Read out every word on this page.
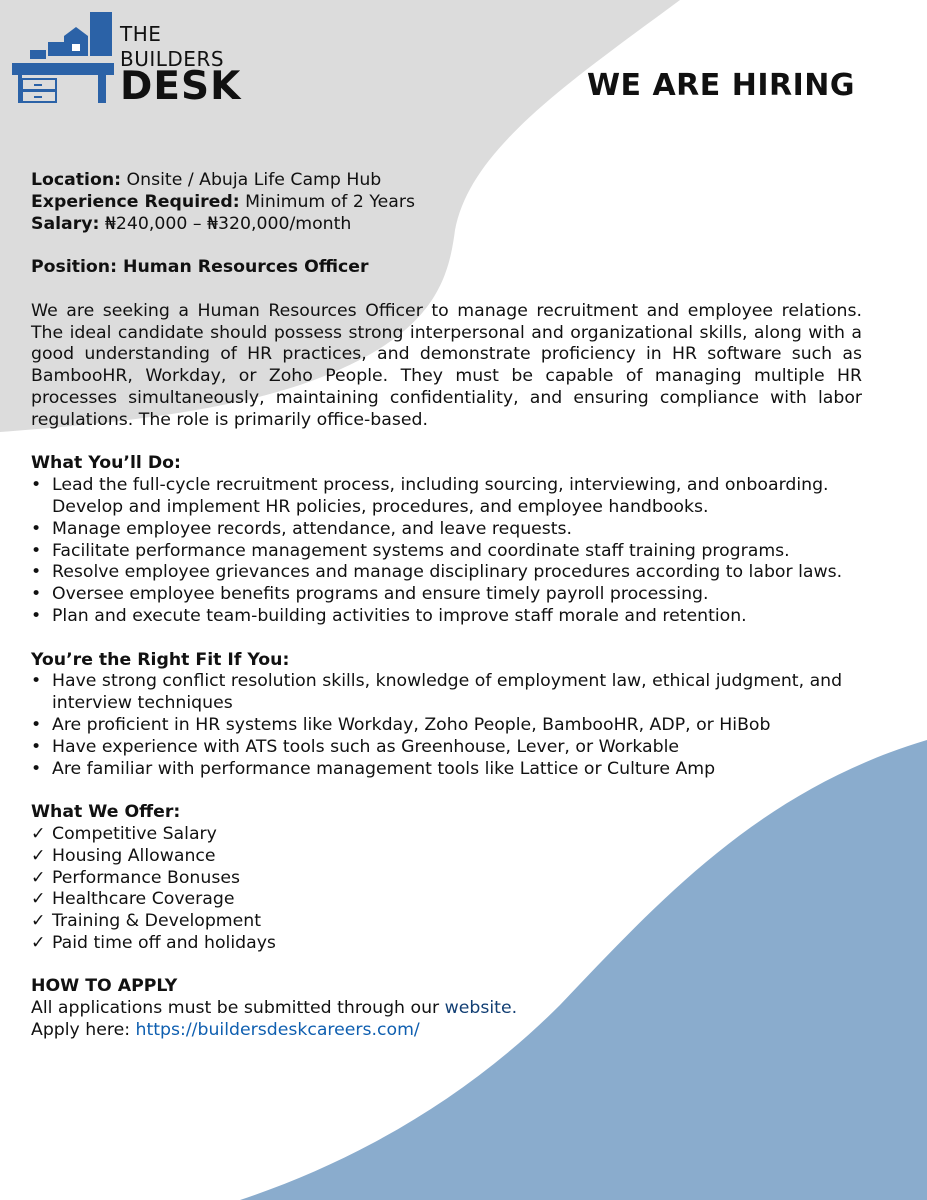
THE
BUILDERS
DESK	WE ARE HIRING

Location: Onsite / Abuja Life Camp Hub

Experience Required: Minimum of 2 Years

Salary: ₦240,000 – ₦320,000/month

Position: Human Resources Officer

We are seeking a Human Resources Officer to manage recruitment and employee relations. The ideal candidate should possess strong interpersonal and organizational skills, along with a good understanding of HR practices, and demonstrate proficiency in HR software such as BambooHR, Workday, or Zoho People. They must be capable of managing multiple HR processes simultaneously, maintaining confidentiality, and ensuring compliance with labor regulations. The role is primarily office-based.

What You’ll Do:

• Lead the full-cycle recruitment process, including sourcing, interviewing, and onboarding. Develop and implement HR policies, procedures, and employee handbooks.
• Manage employee records, attendance, and leave requests.
• Facilitate performance management systems and coordinate staff training programs.
• Resolve employee grievances and manage disciplinary procedures according to labor laws.
• Oversee employee benefits programs and ensure timely payroll processing.
• Plan and execute team-building activities to improve staff morale and retention.

You’re the Right Fit If You:

• Have strong conflict resolution skills, knowledge of employment law, ethical judgment, and interview techniques
• Are proficient in HR systems like Workday, Zoho People, BambooHR, ADP, or HiBob
• Have experience with ATS tools such as Greenhouse, Lever, or Workable
• Are familiar with performance management tools like Lattice or Culture Amp

What We Offer:

✓ Competitive Salary
✓ Housing Allowance
✓ Performance Bonuses
✓ Healthcare Coverage
✓ Training & Development
✓ Paid time off and holidays

HOW TO APPLY

All applications must be submitted through our website.

Apply here: https://buildersdeskcareers.com/
